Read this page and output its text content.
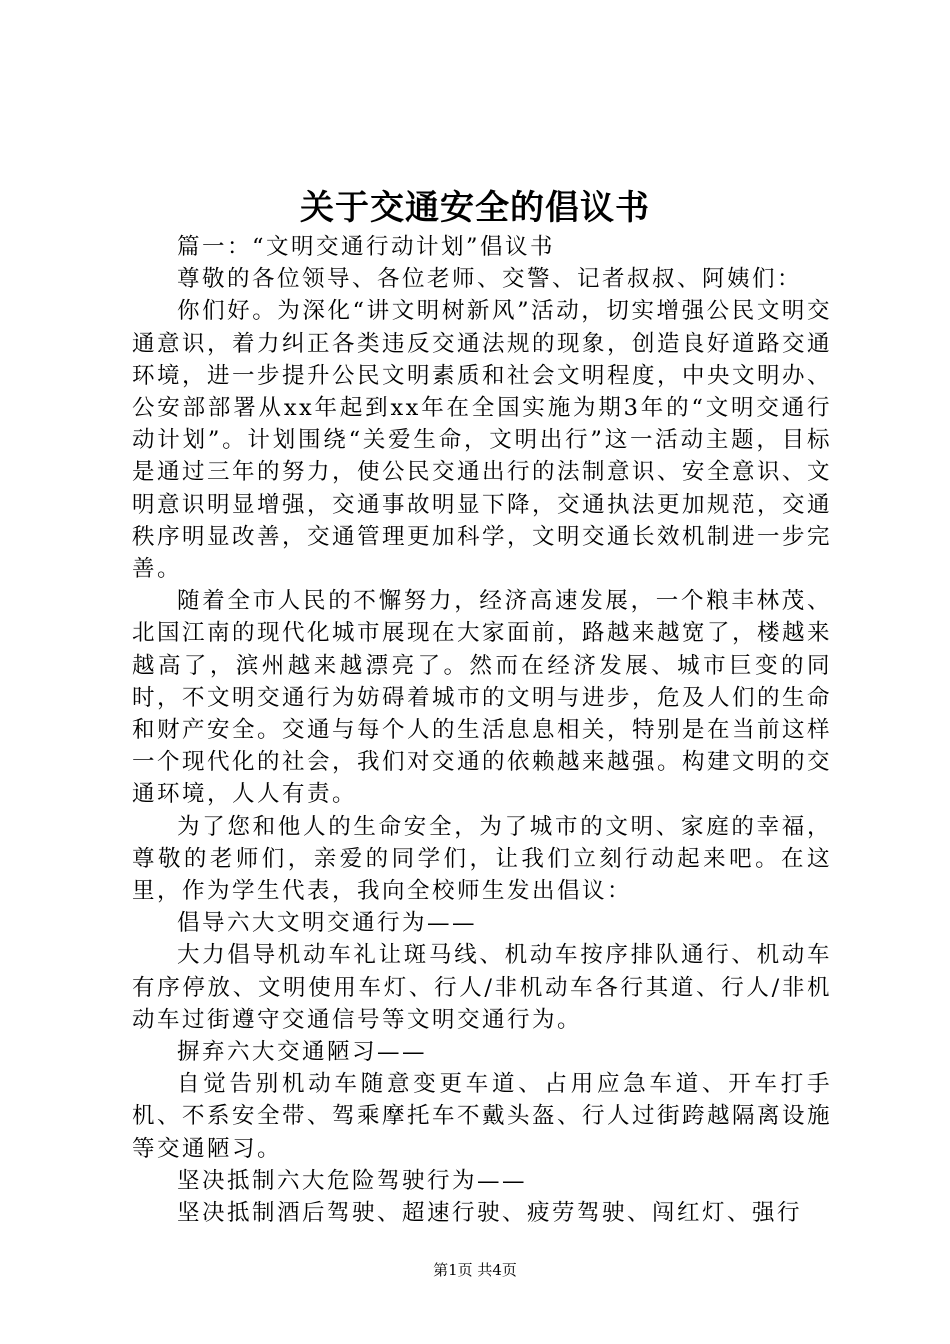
关于交通安全的倡议书

篇一：“文明交通行动计划”倡议书

尊敬的各位领导、各位老师、交警、记者叔叔、阿姨们：

你们好。为深化“讲文明树新风”活动，切实增强公民文明交通意识，着力纠正各类违反交通法规的现象，创造良好道路交通环境，进一步提升公民文明素质和社会文明程度，中央文明办、公安部部署从xx年起到xx年在全国实施为期3年的“文明交通行动计划”。计划围绕“关爱生命，文明出行”这一活动主题，目标是通过三年的努力，使公民交通出行的法制意识、安全意识、文明意识明显增强，交通事故明显下降，交通执法更加规范，交通秩序明显改善，交通管理更加科学，文明交通长效机制进一步完善。

随着全市人民的不懈努力，经济高速发展，一个粮丰林茂、北国江南的现代化城市展现在大家面前，路越来越宽了，楼越来越高了，滨州越来越漂亮了。然而在经济发展、城市巨变的同时，不文明交通行为妨碍着城市的文明与进步，危及人们的生命和财产安全。交通与每个人的生活息息相关，特别是在当前这样一个现代化的社会，我们对交通的依赖越来越强。构建文明的交通环境，人人有责。

为了您和他人的生命安全，为了城市的文明、家庭的幸福，尊敬的老师们，亲爱的同学们，让我们立刻行动起来吧。在这里，作为学生代表，我向全校师生发出倡议：

倡导六大文明交通行为——

大力倡导机动车礼让斑马线、机动车按序排队通行、机动车有序停放、文明使用车灯、行人/非机动车各行其道、行人/非机动车过街遵守交通信号等文明交通行为。

摒弃六大交通陋习——

自觉告别机动车随意变更车道、占用应急车道、开车打手机、不系安全带、驾乘摩托车不戴头盔、行人过街跨越隔离设施等交通陋习。

坚决抵制六大危险驾驶行为——

坚决抵制酒后驾驶、超速行驶、疲劳驾驶、闯红灯、强行

第1页 共4页
